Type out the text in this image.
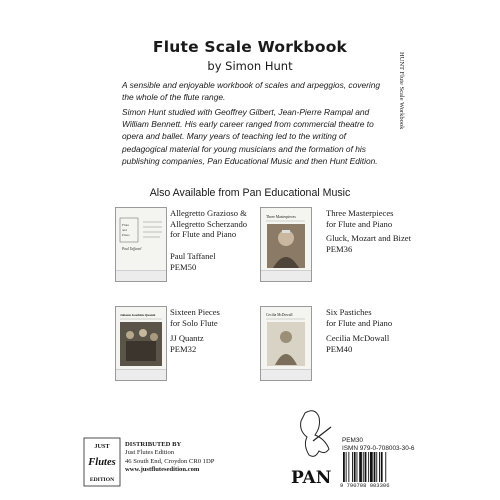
Flute Scale Workbook
by Simon Hunt
A sensible and enjoyable workbook of scales and arpeggios, covering the whole of the flute range.
Simon Hunt studied with Geoffrey Gilbert, Jean-Pierre Rampal and William Bennett. His early career ranged from commercial theatre to opera and ballet. Many years of teaching led to the writing of pedagogical material for young musicians and the formation of his publishing companies, Pan Educational Music and then Hunt Edition.
HUNT Flute Scale Workbook
Also Available from Pan Educational Music
Flute
and
Piano
Paul Taffanel
Allegretto Grazioso &
Allegretto Scherzando
for Flute and Piano
Paul Taffanel
PEM50
Three Masterpieces	Three Masterpieces
for Flute and Piano
Gluck, Mozart and Bizet
PEM36
Johann Joachim Quantz Sixteen Pieces
for Solo Flute
JJ Quantz
PEM32
Cecilia McDowall	Six Pastiches
for Flute and Piano
Cecilia McDowall
PEM40
JUST
Flutes
EDITION
DISTRIBUTED BY
Just Flutes Edition
46 South End, Croydon CR0 1DP
www.justflutesedition.com	PAN
PEM30
ISMN 979-0-708003-30-6
9 790708 003306
